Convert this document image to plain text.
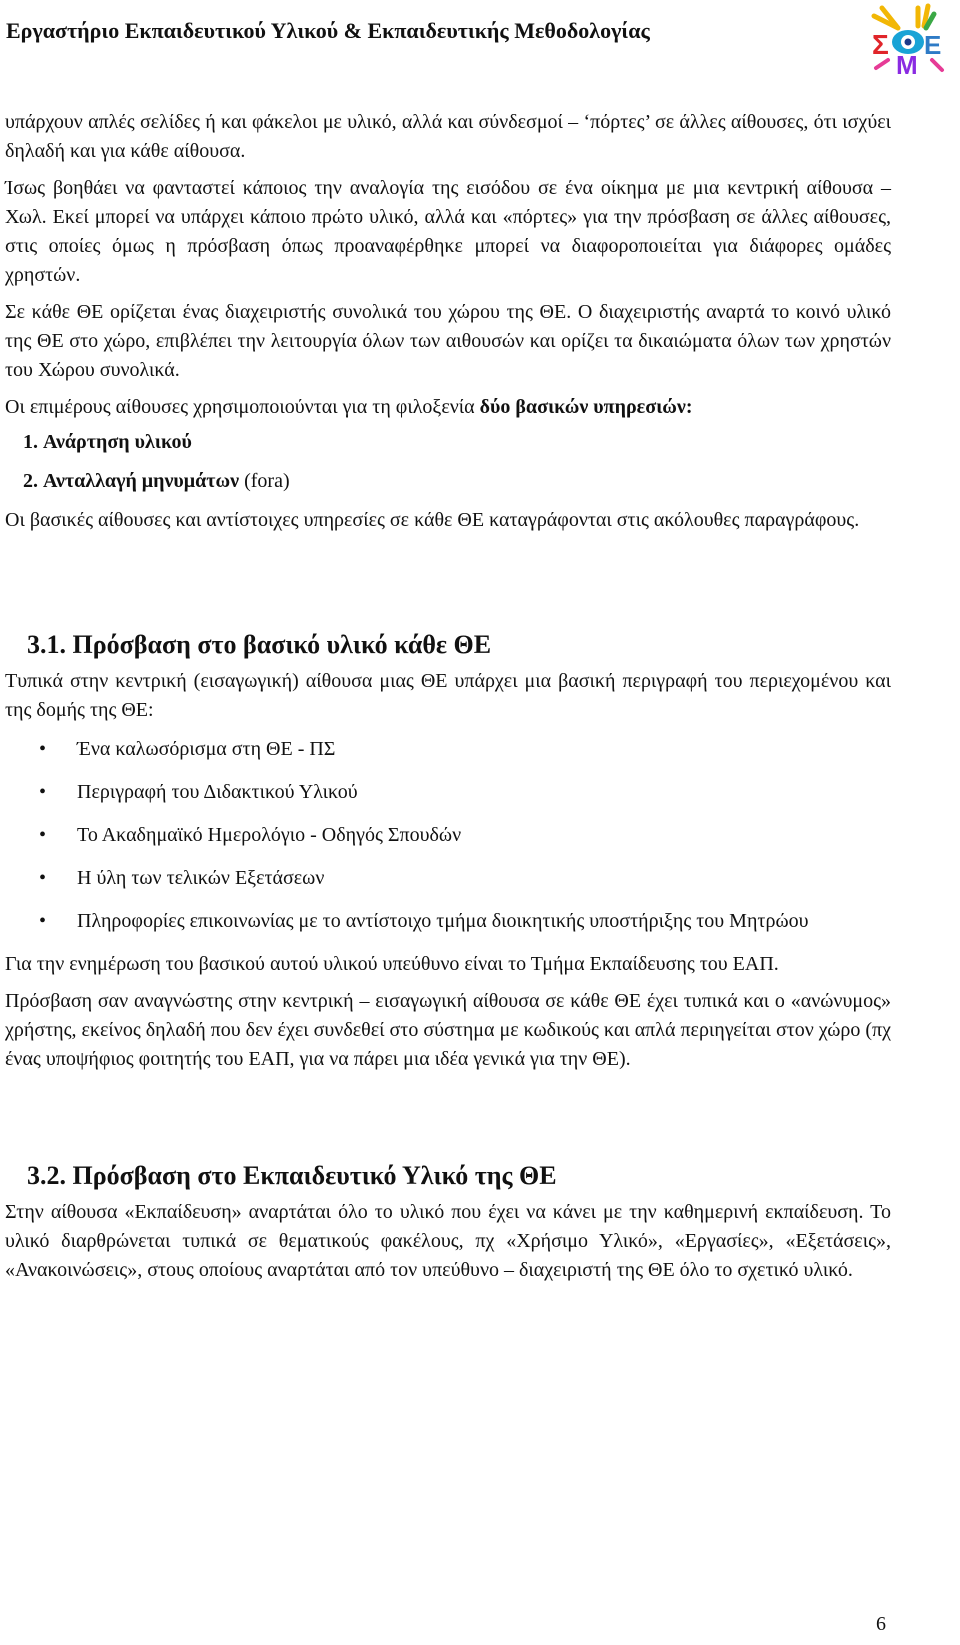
Εργαστήριο Εκπαιδευτικού Υλικού & Εκπαιδευτικής Μεθοδολογίας	Σ Ε
Μ

υπάρχουν απλές σελίδες ή και φάκελοι με υλικό, αλλά και σύνδεσμοί – ‘πόρτες’ σε άλλες αίθουσες, ότι ισχύει δηλαδή και για κάθε αίθουσα.

Ίσως βοηθάει να φανταστεί κάποιος την αναλογία της εισόδου σε ένα οίκημα με μια κεντρική αίθουσα – Χωλ. Εκεί μπορεί να υπάρχει κάποιο πρώτο υλικό, αλλά και «πόρτες» για την πρόσβαση σε άλλες αίθουσες, στις οποίες όμως η πρόσβαση όπως προαναφέρθηκε μπορεί να διαφοροποιείται για διάφορες ομάδες χρηστών.

Σε κάθε ΘΕ ορίζεται ένας διαχειριστής συνολικά του χώρου της ΘΕ. Ο διαχειριστής αναρτά το κοινό υλικό της ΘΕ στο χώρο, επιβλέπει την λειτουργία όλων των αιθουσών και ορίζει τα δικαιώματα όλων των χρηστών του Χώρου συνολικά.

Οι επιμέρους αίθουσες χρησιμοποιούνται για τη φιλοξενία δύο βασικών υπηρεσιών:

1. Ανάρτηση υλικού
2. Ανταλλαγή μηνυμάτων (fora)

Οι βασικές αίθουσες και αντίστοιχες υπηρεσίες σε κάθε ΘΕ καταγράφονται στις ακόλουθες παραγράφους.

3.1. Πρόσβαση στο βασικό υλικό κάθε ΘΕ

Τυπικά στην κεντρική (εισαγωγική) αίθουσα μιας ΘΕ υπάρχει μια βασική περιγραφή του περιεχομένου και της δομής της ΘΕ:

• Ένα καλωσόρισμα στη ΘΕ - ΠΣ
• Περιγραφή του Διδακτικού Υλικού
• Το Ακαδημαϊκό Ημερολόγιο - Οδηγός Σπουδών
• Η ύλη των τελικών Εξετάσεων
• Πληροφορίες επικοινωνίας με το αντίστοιχο τμήμα διοικητικής υποστήριξης του Μητρώου

Για την ενημέρωση του βασικού αυτού υλικού υπεύθυνο είναι το Τμήμα Εκπαίδευσης του ΕΑΠ.

Πρόσβαση σαν αναγνώστης στην κεντρική – εισαγωγική αίθουσα σε κάθε ΘΕ έχει τυπικά και ο «ανώνυμος» χρήστης, εκείνος δηλαδή που δεν έχει συνδεθεί στο σύστημα με κωδικούς και απλά περιηγείται στον χώρο (πχ ένας υποψήφιος φοιτητής του ΕΑΠ, για να πάρει μια ιδέα γενικά για την ΘΕ).

3.2. Πρόσβαση στο Εκπαιδευτικό Υλικό της ΘΕ

Στην αίθουσα «Εκπαίδευση» αναρτάται όλο το υλικό που έχει να κάνει με την καθημερινή εκπαίδευση. Το υλικό διαρθρώνεται τυπικά σε θεματικούς φακέλους, πχ «Χρήσιμο Υλικό», «Εργασίες», «Εξετάσεις», «Ανακοινώσεις», στους οποίους αναρτάται από τον υπεύθυνο – διαχειριστή της ΘΕ όλο το σχετικό υλικό.

6
